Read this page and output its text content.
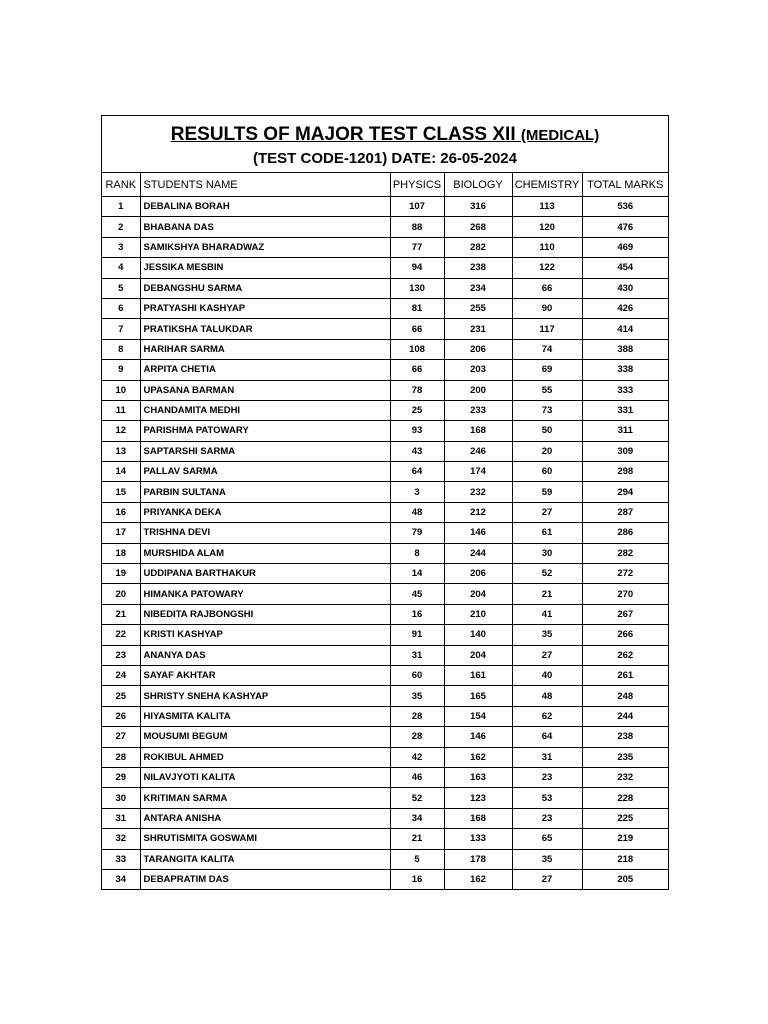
RESULTS OF MAJOR TEST CLASS XII (MEDICAL)
(TEST CODE-1201) DATE: 26-05-2024
RANK	STUDENTS NAME	PHYSICS	BIOLOGY	CHEMISTRY	TOTAL MARKS
1	DEBALINA BORAH	107	316	113	536
2	BHABANA DAS	88	268	120	476
3	SAMIKSHYA BHARADWAZ	77	282	110	469
4	JESSIKA MESBIN	94	238	122	454
5	DEBANGSHU SARMA	130	234	66	430
6	PRATYASHI KASHYAP	81	255	90	426
7	PRATIKSHA TALUKDAR	66	231	117	414
8	HARIHAR SARMA	108	206	74	388
9	ARPITA CHETIA	66	203	69	338
10	UPASANA BARMAN	78	200	55	333
11	CHANDAMITA MEDHI	25	233	73	331
12	PARISHMA PATOWARY	93	168	50	311
13	SAPTARSHI SARMA	43	246	20	309
14	PALLAV SARMA	64	174	60	298
15	PARBIN SULTANA	3	232	59	294
16	PRIYANKA DEKA	48	212	27	287
17	TRISHNA DEVI	79	146	61	286
18	MURSHIDA ALAM	8	244	30	282
19	UDDIPANA BARTHAKUR	14	206	52	272
20	HIMANKA PATOWARY	45	204	21	270
21	NIBEDITA RAJBONGSHI	16	210	41	267
22	KRISTI KASHYAP	91	140	35	266
23	ANANYA DAS	31	204	27	262
24	SAYAF AKHTAR	60	161	40	261
25	SHRISTY SNEHA KASHYAP	35	165	48	248
26	HIYASMITA KALITA	28	154	62	244
27	MOUSUMI BEGUM	28	146	64	238
28	ROKIBUL AHMED	42	162	31	235
29	NILAVJYOTI KALITA	46	163	23	232
30	KRITIMAN SARMA	52	123	53	228
31	ANTARA ANISHA	34	168	23	225
32	SHRUTISMITA GOSWAMI	21	133	65	219
33	TARANGITA KALITA	5	178	35	218
34	DEBAPRATIM DAS	16	162	27	205
